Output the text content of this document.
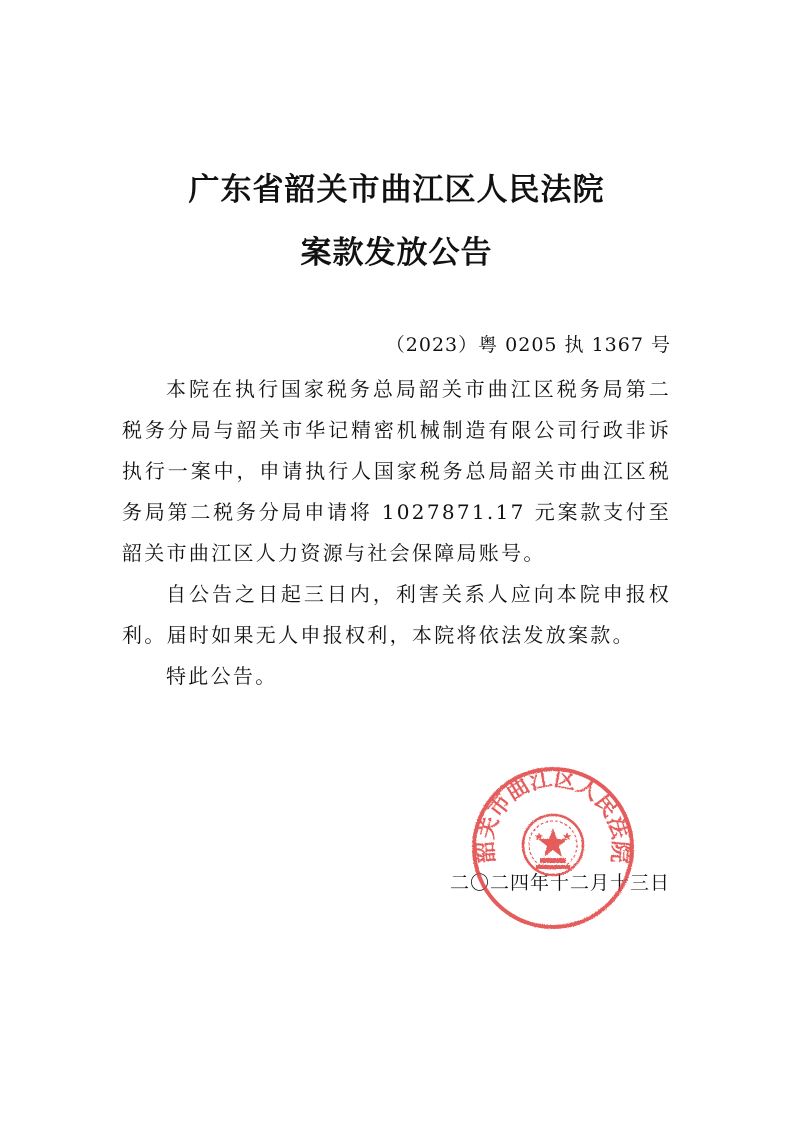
广东省韶关市曲江区人民法院
案款发放公告
（2023）粤 0205 执 1367 号

本院在执行国家税务总局韶关市曲江区税务局第二税务分局与韶关市华记精密机械制造有限公司行政非诉执行一案中，申请执行人国家税务总局韶关市曲江区税务局第二税务分局申请将 1027871.17 元案款支付至韶关市曲江区人力资源与社会保障局账号。

自公告之日起三日内，利害关系人应向本院申报权利。届时如果无人申报权利，本院将依法发放案款。

特此公告。

二〇二四年十二月十三日
韶关市曲江区人民法院
